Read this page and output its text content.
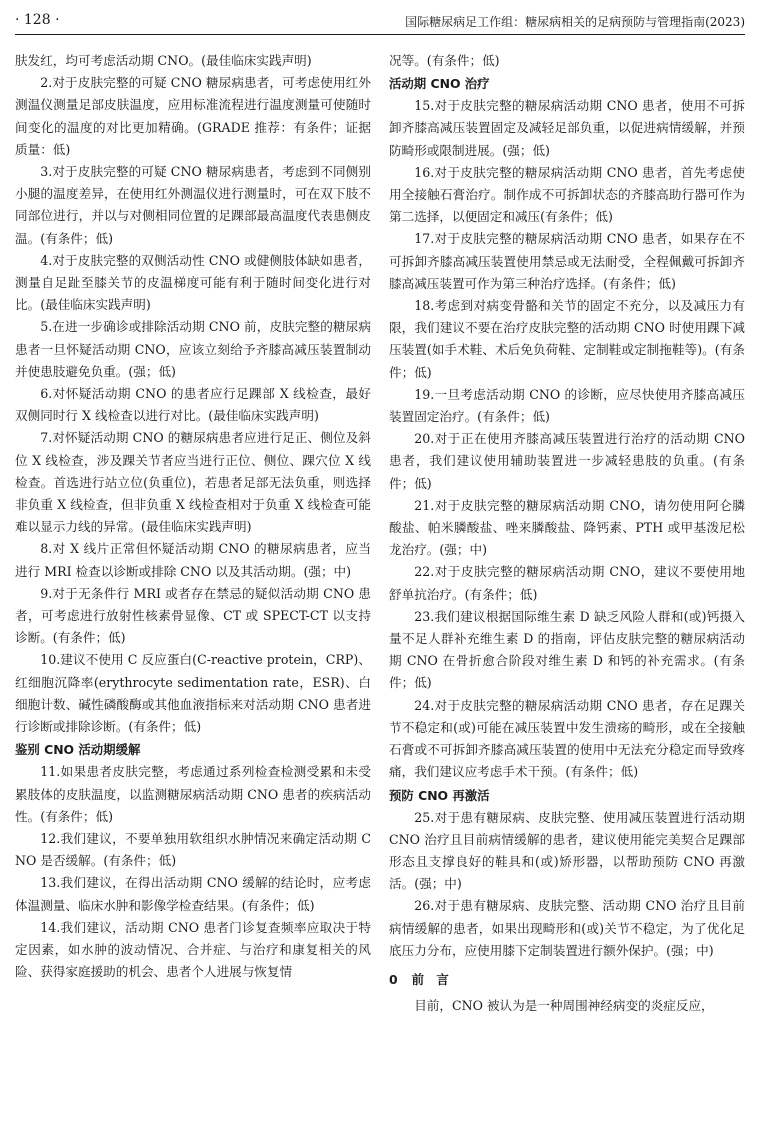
· 128 ·	国际糖尿病足工作组：糖尿病相关的足病预防与管理指南(2023)
肤发红，均可考虑活动期 CNO。(最佳临床实践声明)
2.对于皮肤完整的可疑 CNO 糖尿病患者，可考虑使用红外测温仪测量足部皮肤温度，应用标准流程进行温度测量可使随时间变化的温度的对比更加精确。(GRADE 推荐：有条件；证据质量：低)
3.对于皮肤完整的可疑 CNO 糖尿病患者，考虑到不同侧别小腿的温度差异，在使用红外测温仪进行测量时，可在双下肢不同部位进行，并以与对侧相同位置的足踝部最高温度代表患侧皮温。(有条件；低)
4.对于皮肤完整的双侧活动性 CNO 或健侧肢体缺如患者，测量自足趾至膝关节的皮温梯度可能有利于随时间变化进行对比。(最佳临床实践声明)
5.在进一步确诊或排除活动期 CNO 前，皮肤完整的糖尿病患者一旦怀疑活动期 CNO，应该立刻给予齐膝高减压装置制动并使患肢避免负重。(强；低)
6.对怀疑活动期 CNO 的患者应行足踝部 X 线检查，最好双侧同时行 X 线检查以进行对比。(最佳临床实践声明)
7.对怀疑活动期 CNO 的糖尿病患者应进行足正、侧位及斜位 X 线检查，涉及踝关节者应当进行正位、侧位、踝穴位 X 线检查。首选进行站立位(负重位)，若患者足部无法负重，则选择非负重 X 线检查，但非负重 X 线检查相对于负重 X 线检查可能难以显示力线的异常。(最佳临床实践声明)
8.对 X 线片正常但怀疑活动期 CNO 的糖尿病患者，应当进行 MRI 检查以诊断或排除 CNO 以及其活动期。(强；中)
9.对于无条件行 MRI 或者存在禁忌的疑似活动期 CNO 患者，可考虑进行放射性核素骨显像、CT 或 SPECT-CT 以支持诊断。(有条件；低)
10.建议不使用 C 反应蛋白(C-reactive protein，CRP)、红细胞沉降率(erythrocyte sedimentation rate，ESR)、白细胞计数、碱性磷酸酶或其他血液指标来对活动期 CNO 患者进行诊断或排除诊断。(有条件；低)
鉴别 CNO 活动期缓解
11.如果患者皮肤完整，考虑通过系列检查检测受累和未受累肢体的皮肤温度，以监测糖尿病活动期 CNO 患者的疾病活动性。(有条件；低)
12.我们建议，不要单独用软组织水肿情况来确定活动期 CNO 是否缓解。(有条件；低)
13.我们建议，在得出活动期 CNO 缓解的结论时，应考虑体温测量、临床水肿和影像学检查结果。(有条件；低)
14.我们建议，活动期 CNO 患者门诊复查频率应取决于特定因素，如水肿的波动情况、合并症、与治疗和康复相关的风险、获得家庭援助的机会、患者个人进展与恢复情
况等。(有条件；低)
活动期 CNO 治疗
15.对于皮肤完整的糖尿病活动期 CNO 患者，使用不可拆卸齐膝高减压装置固定及减轻足部负重，以促进病情缓解，并预防畸形或限制进展。(强；低)
16.对于皮肤完整的糖尿病活动期 CNO 患者，首先考虑使用全接触石膏治疗。制作成不可拆卸状态的齐膝高助行器可作为第二选择，以便固定和减压(有条件；低)
17.对于皮肤完整的糖尿病活动期 CNO 患者，如果存在不可拆卸齐膝高减压装置使用禁忌或无法耐受，全程佩戴可拆卸齐膝高减压装置可作为第三种治疗选择。(有条件；低)
18.考虑到对病变骨骼和关节的固定不充分，以及减压力有限，我们建议不要在治疗皮肤完整的活动期 CNO 时使用踝下减压装置(如手术鞋、术后免负荷鞋、定制鞋或定制拖鞋等)。(有条件；低)
19.一旦考虑活动期 CNO 的诊断，应尽快使用齐膝高减压装置固定治疗。(有条件；低)
20.对于正在使用齐膝高减压装置进行治疗的活动期 CNO 患者，我们建议使用辅助装置进一步减轻患肢的负重。(有条件；低)
21.对于皮肤完整的糖尿病活动期 CNO，请勿使用阿仑膦酸盐、帕米膦酸盐、唑来膦酸盐、降钙素、PTH 或甲基泼尼松龙治疗。(强；中)
22.对于皮肤完整的糖尿病活动期 CNO，建议不要使用地舒单抗治疗。(有条件；低)
23.我们建议根据国际维生素 D 缺乏风险人群和(或)钙摄入量不足人群补充维生素 D 的指南，评估皮肤完整的糖尿病活动期 CNO 在骨折愈合阶段对维生素 D 和钙的补充需求。(有条件；低)
24.对于皮肤完整的糖尿病活动期 CNO 患者，存在足踝关节不稳定和(或)可能在减压装置中发生溃疡的畸形，或在全接触石膏或不可拆卸齐膝高减压装置的使用中无法充分稳定而导致疼痛，我们建议应考虑手术干预。(有条件；低)
预防 CNO 再激活
25.对于患有糖尿病、皮肤完整、使用减压装置进行活动期 CNO 治疗且目前病情缓解的患者，建议使用能完美契合足踝部形态且支撑良好的鞋具和(或)矫形器，以帮助预防 CNO 再激活。(强；中)
26.对于患有糖尿病、皮肤完整、活动期 CNO 治疗且目前病情缓解的患者，如果出现畸形和(或)关节不稳定，为了优化足底压力分布，应使用膝下定制装置进行额外保护。(强；中)
0 前　言
目前，CNO 被认为是一种周围神经病变的炎症反应，
